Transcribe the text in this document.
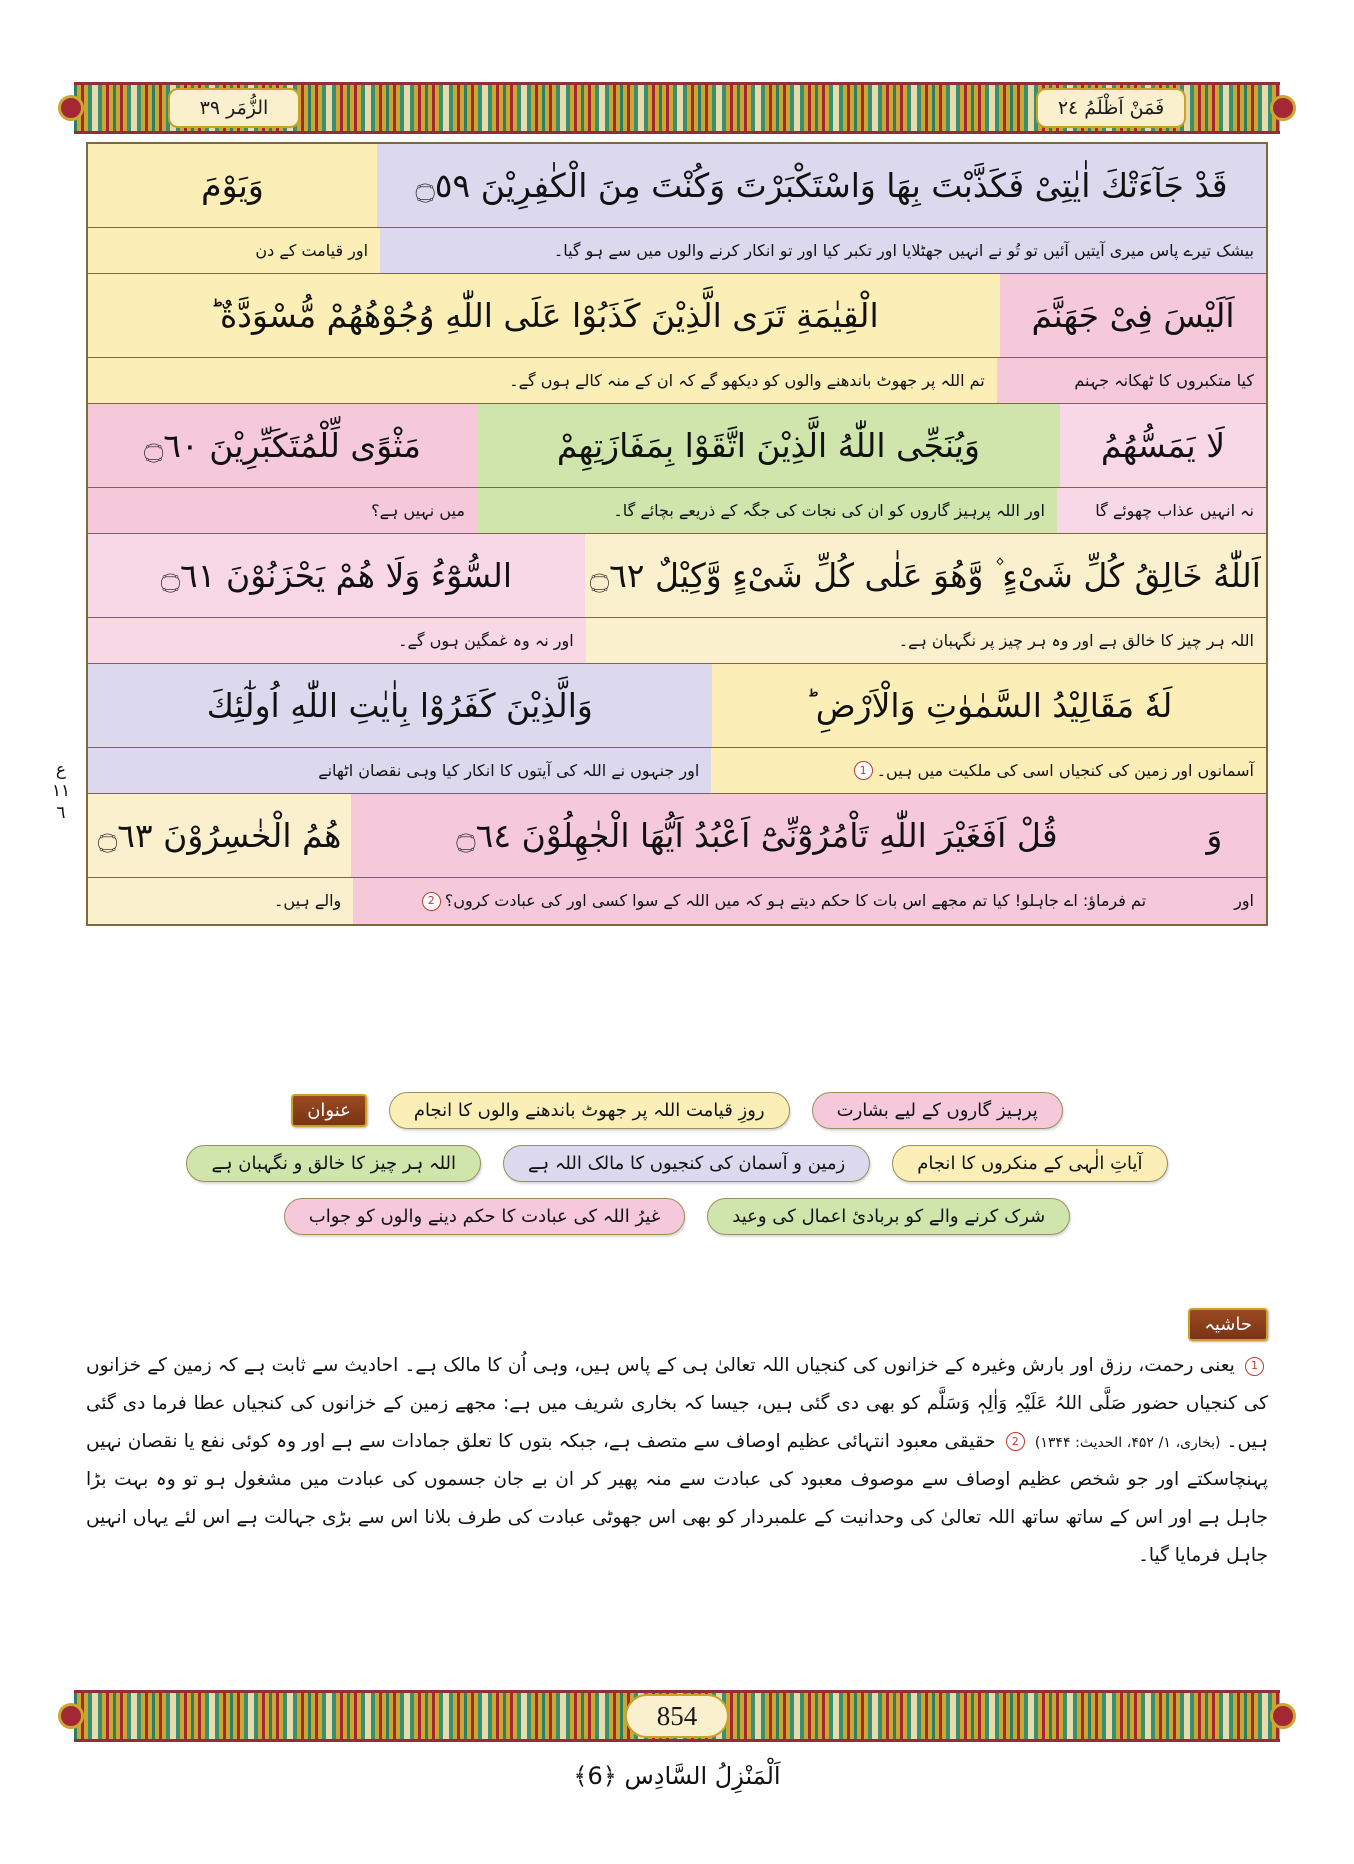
الزُّمَر ٣٩	فَمَنْ اَظْلَمُ ٢٤
ع ١١ ٦
قَدْ جَآءَتْكَ اٰيٰتِىْ فَكَذَّبْتَ بِهَا وَاسْتَكْبَرْتَ وَكُنْتَ مِنَ الْكٰفِرِيْنَ ۝٥٩
وَيَوْمَ
بیشک تیرے پاس میری آیتیں آئیں تو تُو نے انہیں جھٹلایا اور تکبر کیا اور تو انکار کرنے والوں میں سے ہو گیا۔
اور قیامت کے دن
اَلَيْسَ فِىْ جَهَنَّمَ
الْقِيٰمَةِ تَرَى الَّذِيْنَ كَذَبُوْا عَلَى اللّٰهِ وُجُوْهُهُمْ مُّسْوَدَّةٌ ؕ
کیا متکبروں کا ٹھکانہ جہنم
تم اللہ پر جھوٹ باندھنے والوں کو دیکھو گے کہ ان کے منہ کالے ہوں گے۔
لَا يَمَسُّهُمُ
وَيُنَجِّى اللّٰهُ الَّذِيْنَ اتَّقَوْا بِمَفَازَتِهِمْ
مَثْوًى لِّلْمُتَكَبِّرِيْنَ ۝٦٠
نہ انہیں عذاب چھوئے گا
اور اللہ پرہیز گاروں کو ان کی نجات کی جگہ کے ذریعے بچائے گا۔
میں نہیں ہے؟
اَللّٰهُ خَالِقُ كُلِّ شَىْءٍ ۫ وَّهُوَ عَلٰى كُلِّ شَىْءٍ وَّكِيْلٌ ۝٦٢
السُّوْٓءُ وَلَا هُمْ يَحْزَنُوْنَ ۝٦١
اللہ ہر چیز کا خالق ہے اور وہ ہر چیز پر نگہبان ہے۔
اور نہ وہ غمگین ہوں گے۔
لَهٗ مَقَالِيْدُ السَّمٰوٰتِ وَالْاَرْضِ ؕ
وَالَّذِيْنَ كَفَرُوْا بِاٰيٰتِ اللّٰهِ اُولٰٓئِكَ
آسمانوں اور زمین کی کنجیاں اسی کی ملکیت میں ہیں۔
1
اور جنہوں نے اللہ کی آیتوں کا انکار کیا وہی نقصان اٹھانے
وَ
قُلْ اَفَغَيْرَ اللّٰهِ تَاْمُرُوْٓنِّىْٓ اَعْبُدُ اَيُّهَا الْجٰهِلُوْنَ ۝٦٤
هُمُ الْخٰسِرُوْنَ ۝٦٣
اور
تم فرماؤ: اے جاہلو! کیا تم مجھے اس بات کا حکم دیتے ہو کہ میں اللہ کے سوا کسی اور کی عبادت کروں؟
2
والے ہیں۔
پرہیز گاروں کے لیے بشارت
روزِ قیامت اللہ پر جھوٹ باندھنے والوں کا انجام
عنوان
آیاتِ الٰہی کے منکروں کا انجام
زمین و آسمان کی کنجیوں کا مالک اللہ ہے
اللہ ہر چیز کا خالق و نگہبان ہے
شرک کرنے والے کو بربادیٔ اعمال کی وعید
غیرُ اللہ کی عبادت کا حکم دینے والوں کو جواب
حاشیہ

1 یعنی رحمت، رزق اور بارش وغیرہ کے خزانوں کی کنجیاں اللہ تعالیٰ ہی کے پاس ہیں، وہی اُن کا مالک ہے۔ احادیث سے ثابت ہے کہ زمین کے خزانوں کی کنجیاں حضور صَلَّی اللہُ عَلَیْہِ وَاٰلِہٖ وَسَلَّم کو بھی دی گئی ہیں، جیسا کہ بخاری شریف میں ہے: مجھے زمین کے خزانوں کی کنجیاں عطا فرما دی گئی ہیں۔ (بخاری، ۱/ ۴۵۲، الحدیث: ۱۳۴۴) 2 حقیقی معبود انتہائی عظیم اوصاف سے متصف ہے، جبکہ بتوں کا تعلق جمادات سے ہے اور وہ کوئی نفع یا نقصان نہیں پہنچاسکتے اور جو شخص عظیم اوصاف سے موصوف معبود کی عبادت سے منہ پھیر کر ان بے جان جسموں کی عبادت میں مشغول ہو تو وہ بہت بڑا جاہل ہے اور اس کے ساتھ ساتھ اللہ تعالیٰ کی وحدانیت کے علمبردار کو بھی اس جھوٹی عبادت کی طرف بلانا اس سے بڑی جہالت ہے اس لئے یہاں انہیں جاہل فرمایا گیا۔

854
اَلْمَنْزِلُ السَّادِس ﴿6﴾
